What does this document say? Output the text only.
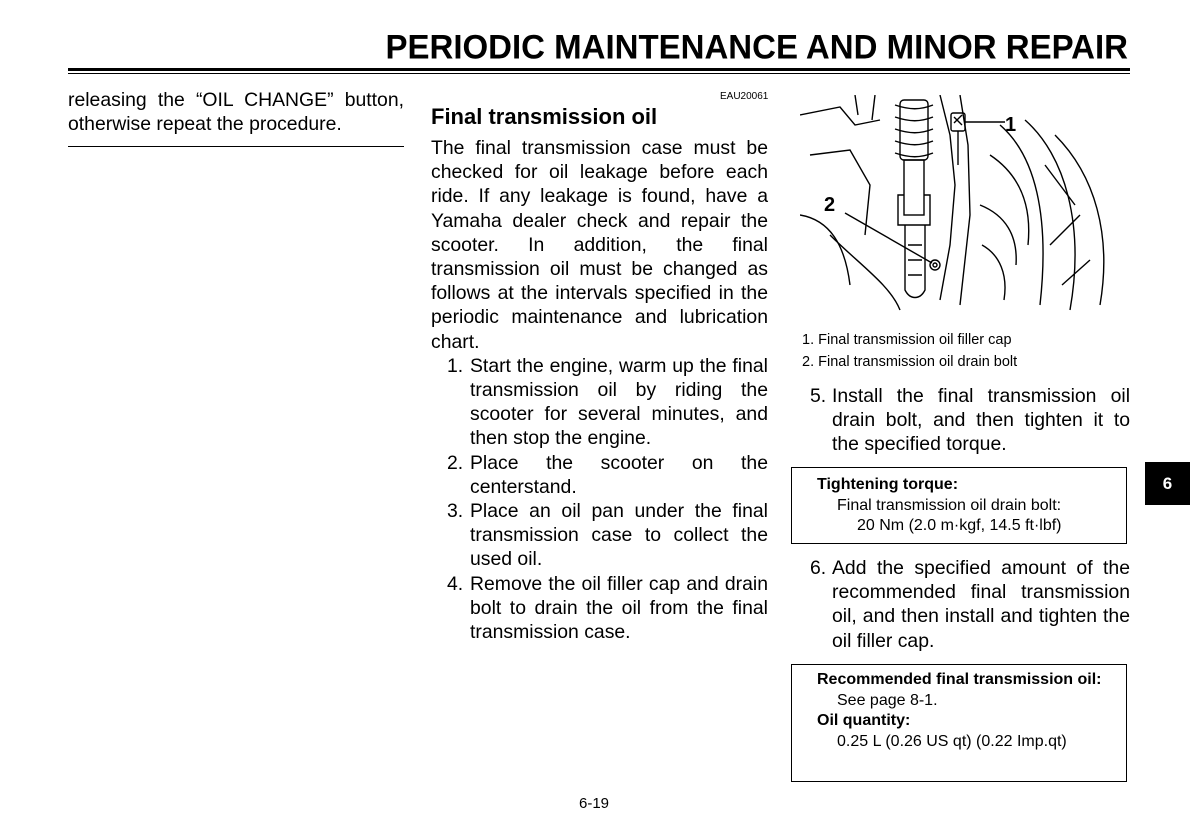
PERIODIC MAINTENANCE AND MINOR REPAIR

releasing the “OIL CHANGE” button, otherwise repeat the procedure.

EAU20061
Final transmission oil

The final transmission case must be checked for oil leakage before each ride. If any leakage is found, have a Yamaha dealer check and repair the scooter. In addition, the final transmission oil must be changed as follows at the intervals specified in the periodic maintenance and lubrication chart.

1. Start the engine, warm up the final transmission oil by riding the scooter for several minutes, and then stop the engine.
2. Place the scooter on the centerstand.
3. Place an oil pan under the final transmission case to collect the used oil.
4. Remove the oil filler cap and drain bolt to drain the oil from the final transmission case.
1
2
1. Final transmission oil filler cap
2. Final transmission oil drain bolt
5. Install the final transmission oil drain bolt, and then tighten it to the specified torque.
Tightening torque:
Final transmission oil drain bolt:
20 Nm (2.0 m·kgf, 14.5 ft·lbf)
6. Add the specified amount of the recommended final transmission oil, and then install and tighten the oil filler cap.
Recommended final transmission oil:
See page 8-1.
Oil quantity:
0.25 L (0.26 US qt) (0.22 Imp.qt)
6
6-19
